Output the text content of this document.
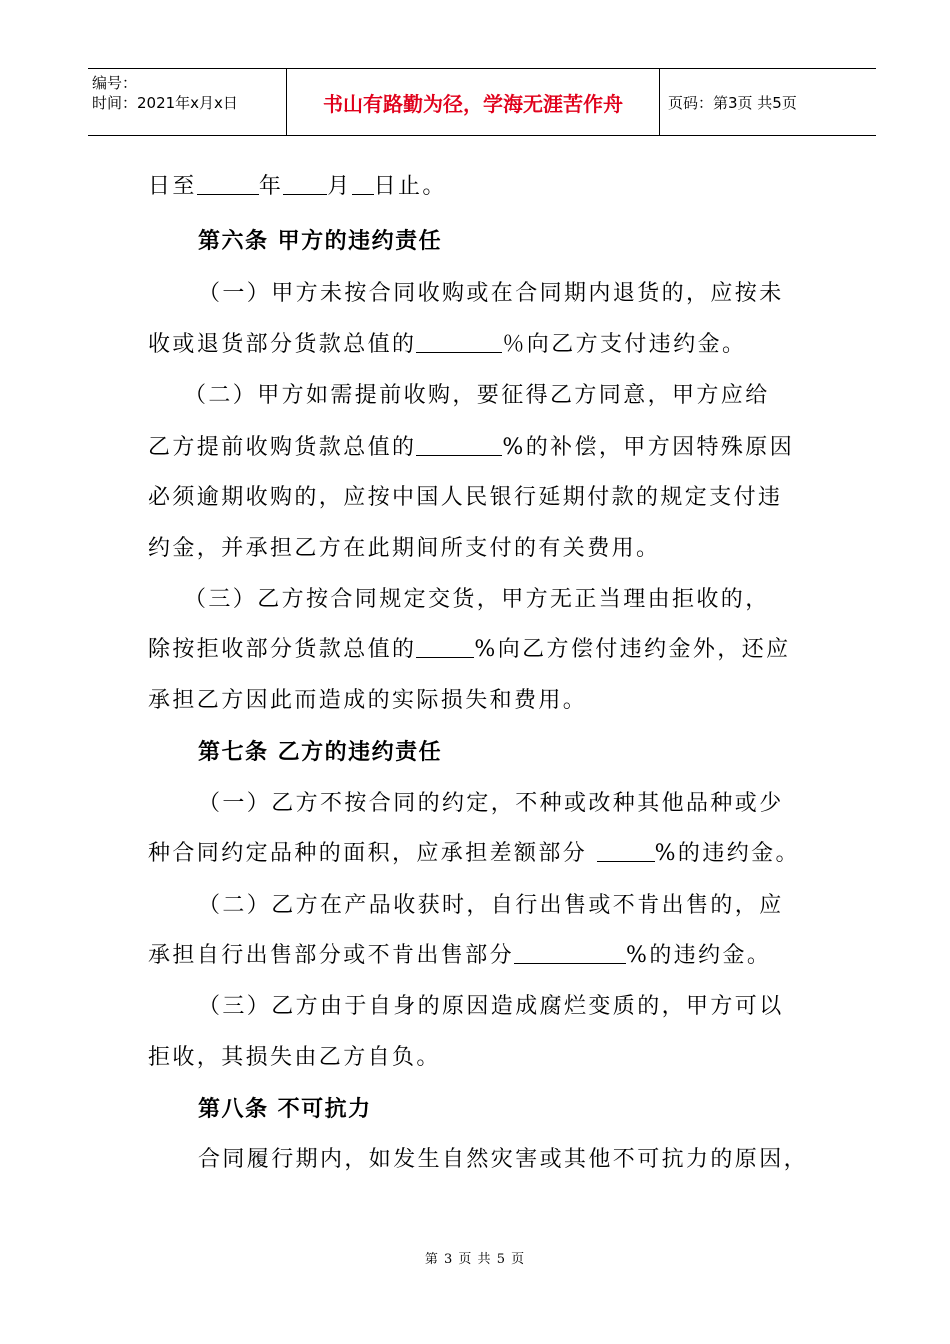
编号：
时间：2021年x月x日	书山有路勤为径，学海无涯苦作舟	页码：第3页 共5页
日至	年 月 日止。
第六条 甲方的违约责任
（一）甲方未按合同收购或在合同期内退货的，应按未
收或退货部分货款总值的	％向乙方支付违约金。
（二）甲方如需提前收购，要征得乙方同意，甲方应给
乙方提前收购货款总值的	%的补偿，甲方因特殊原因
必须逾期收购的，应按中国人民银行延期付款的规定支付违
约金，并承担乙方在此期间所支付的有关费用。
（三）乙方按合同规定交货，甲方无正当理由拒收的，
除按拒收部分货款总值的	%向乙方偿付违约金外，还应
承担乙方因此而造成的实际损失和费用。
第七条 乙方的违约责任
（一）乙方不按合同的约定，不种或改种其他品种或少
种合同约定品种的面积，应承担差额部分	%的违约金。
（二）乙方在产品收获时，自行出售或不肯出售的，应
承担自行出售部分或不肯出售部分	%的违约金。
（三）乙方由于自身的原因造成腐烂变质的，甲方可以
拒收，其损失由乙方自负。
第八条 不可抗力
合同履行期内，如发生自然灾害或其他不可抗力的原因，
第 3 页 共 5 页
